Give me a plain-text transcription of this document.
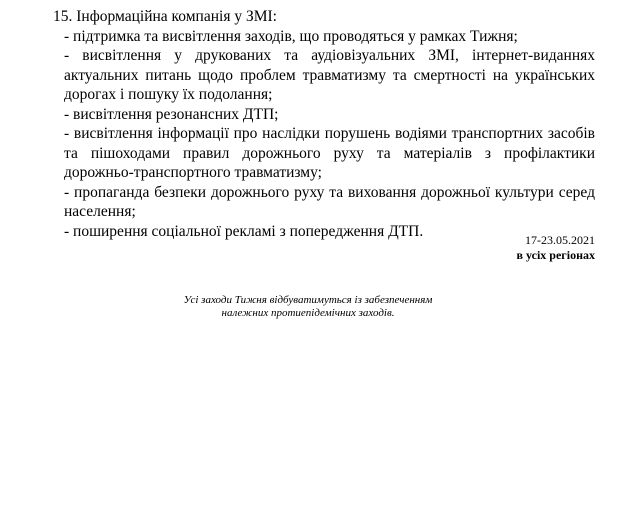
15. Інформаційна компанія у ЗМІ:
- підтримка та висвітлення заходів, що проводяться у рамках Тижня;
- висвітлення у друкованих та аудіовізуальних ЗМІ, інтернет-виданнях актуальних питань щодо проблем травматизму та смертності на українських дорогах і пошуку їх подолання;
- висвітлення резонансних ДТП;
- висвітлення інформації про наслідки порушень водіями транспортних засобів та пішоходами правил дорожнього руху та матеріалів з профілактики дорожньо-транспортного травматизму;
- пропаганда безпеки дорожнього руху та виховання дорожньої культури серед населення;
- поширення соціальної рекламі з попередження ДТП.
17-23.05.2021
в усіх регіонах
Усі заходи Тижня відбуватимуться із забезпеченням
належних протиепідемічних заходів.
